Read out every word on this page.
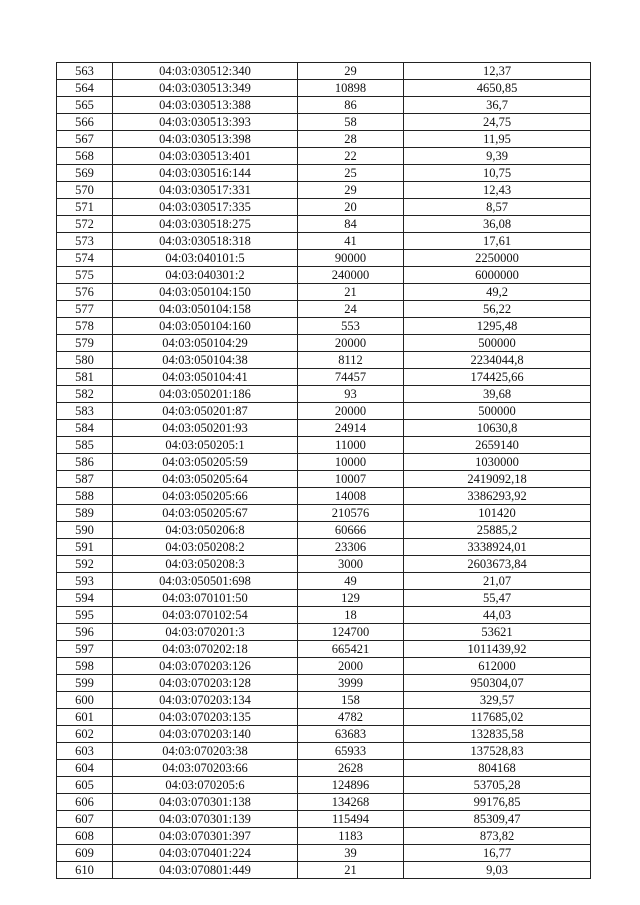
563	04:03:030512:340	29	12,37
564	04:03:030513:349	10898	4650,85
565	04:03:030513:388	86	36,7
566	04:03:030513:393	58	24,75
567	04:03:030513:398	28	11,95
568	04:03:030513:401	22	9,39
569	04:03:030516:144	25	10,75
570	04:03:030517:331	29	12,43
571	04:03:030517:335	20	8,57
572	04:03:030518:275	84	36,08
573	04:03:030518:318	41	17,61
574	04:03:040101:5	90000	2250000
575	04:03:040301:2	240000	6000000
576	04:03:050104:150	21	49,2
577	04:03:050104:158	24	56,22
578	04:03:050104:160	553	1295,48
579	04:03:050104:29	20000	500000
580	04:03:050104:38	8112	2234044,8
581	04:03:050104:41	74457	174425,66
582	04:03:050201:186	93	39,68
583	04:03:050201:87	20000	500000
584	04:03:050201:93	24914	10630,8
585	04:03:050205:1	11000	2659140
586	04:03:050205:59	10000	1030000
587	04:03:050205:64	10007	2419092,18
588	04:03:050205:66	14008	3386293,92
589	04:03:050205:67	210576	101420
590	04:03:050206:8	60666	25885,2
591	04:03:050208:2	23306	3338924,01
592	04:03:050208:3	3000	2603673,84
593	04:03:050501:698	49	21,07
594	04:03:070101:50	129	55,47
595	04:03:070102:54	18	44,03
596	04:03:070201:3	124700	53621
597	04:03:070202:18	665421	1011439,92
598	04:03:070203:126	2000	612000
599	04:03:070203:128	3999	950304,07
600	04:03:070203:134	158	329,57
601	04:03:070203:135	4782	117685,02
602	04:03:070203:140	63683	132835,58
603	04:03:070203:38	65933	137528,83
604	04:03:070203:66	2628	804168
605	04:03:070205:6	124896	53705,28
606	04:03:070301:138	134268	99176,85
607	04:03:070301:139	115494	85309,47
608	04:03:070301:397	1183	873,82
609	04:03:070401:224	39	16,77
610	04:03:070801:449	21	9,03
